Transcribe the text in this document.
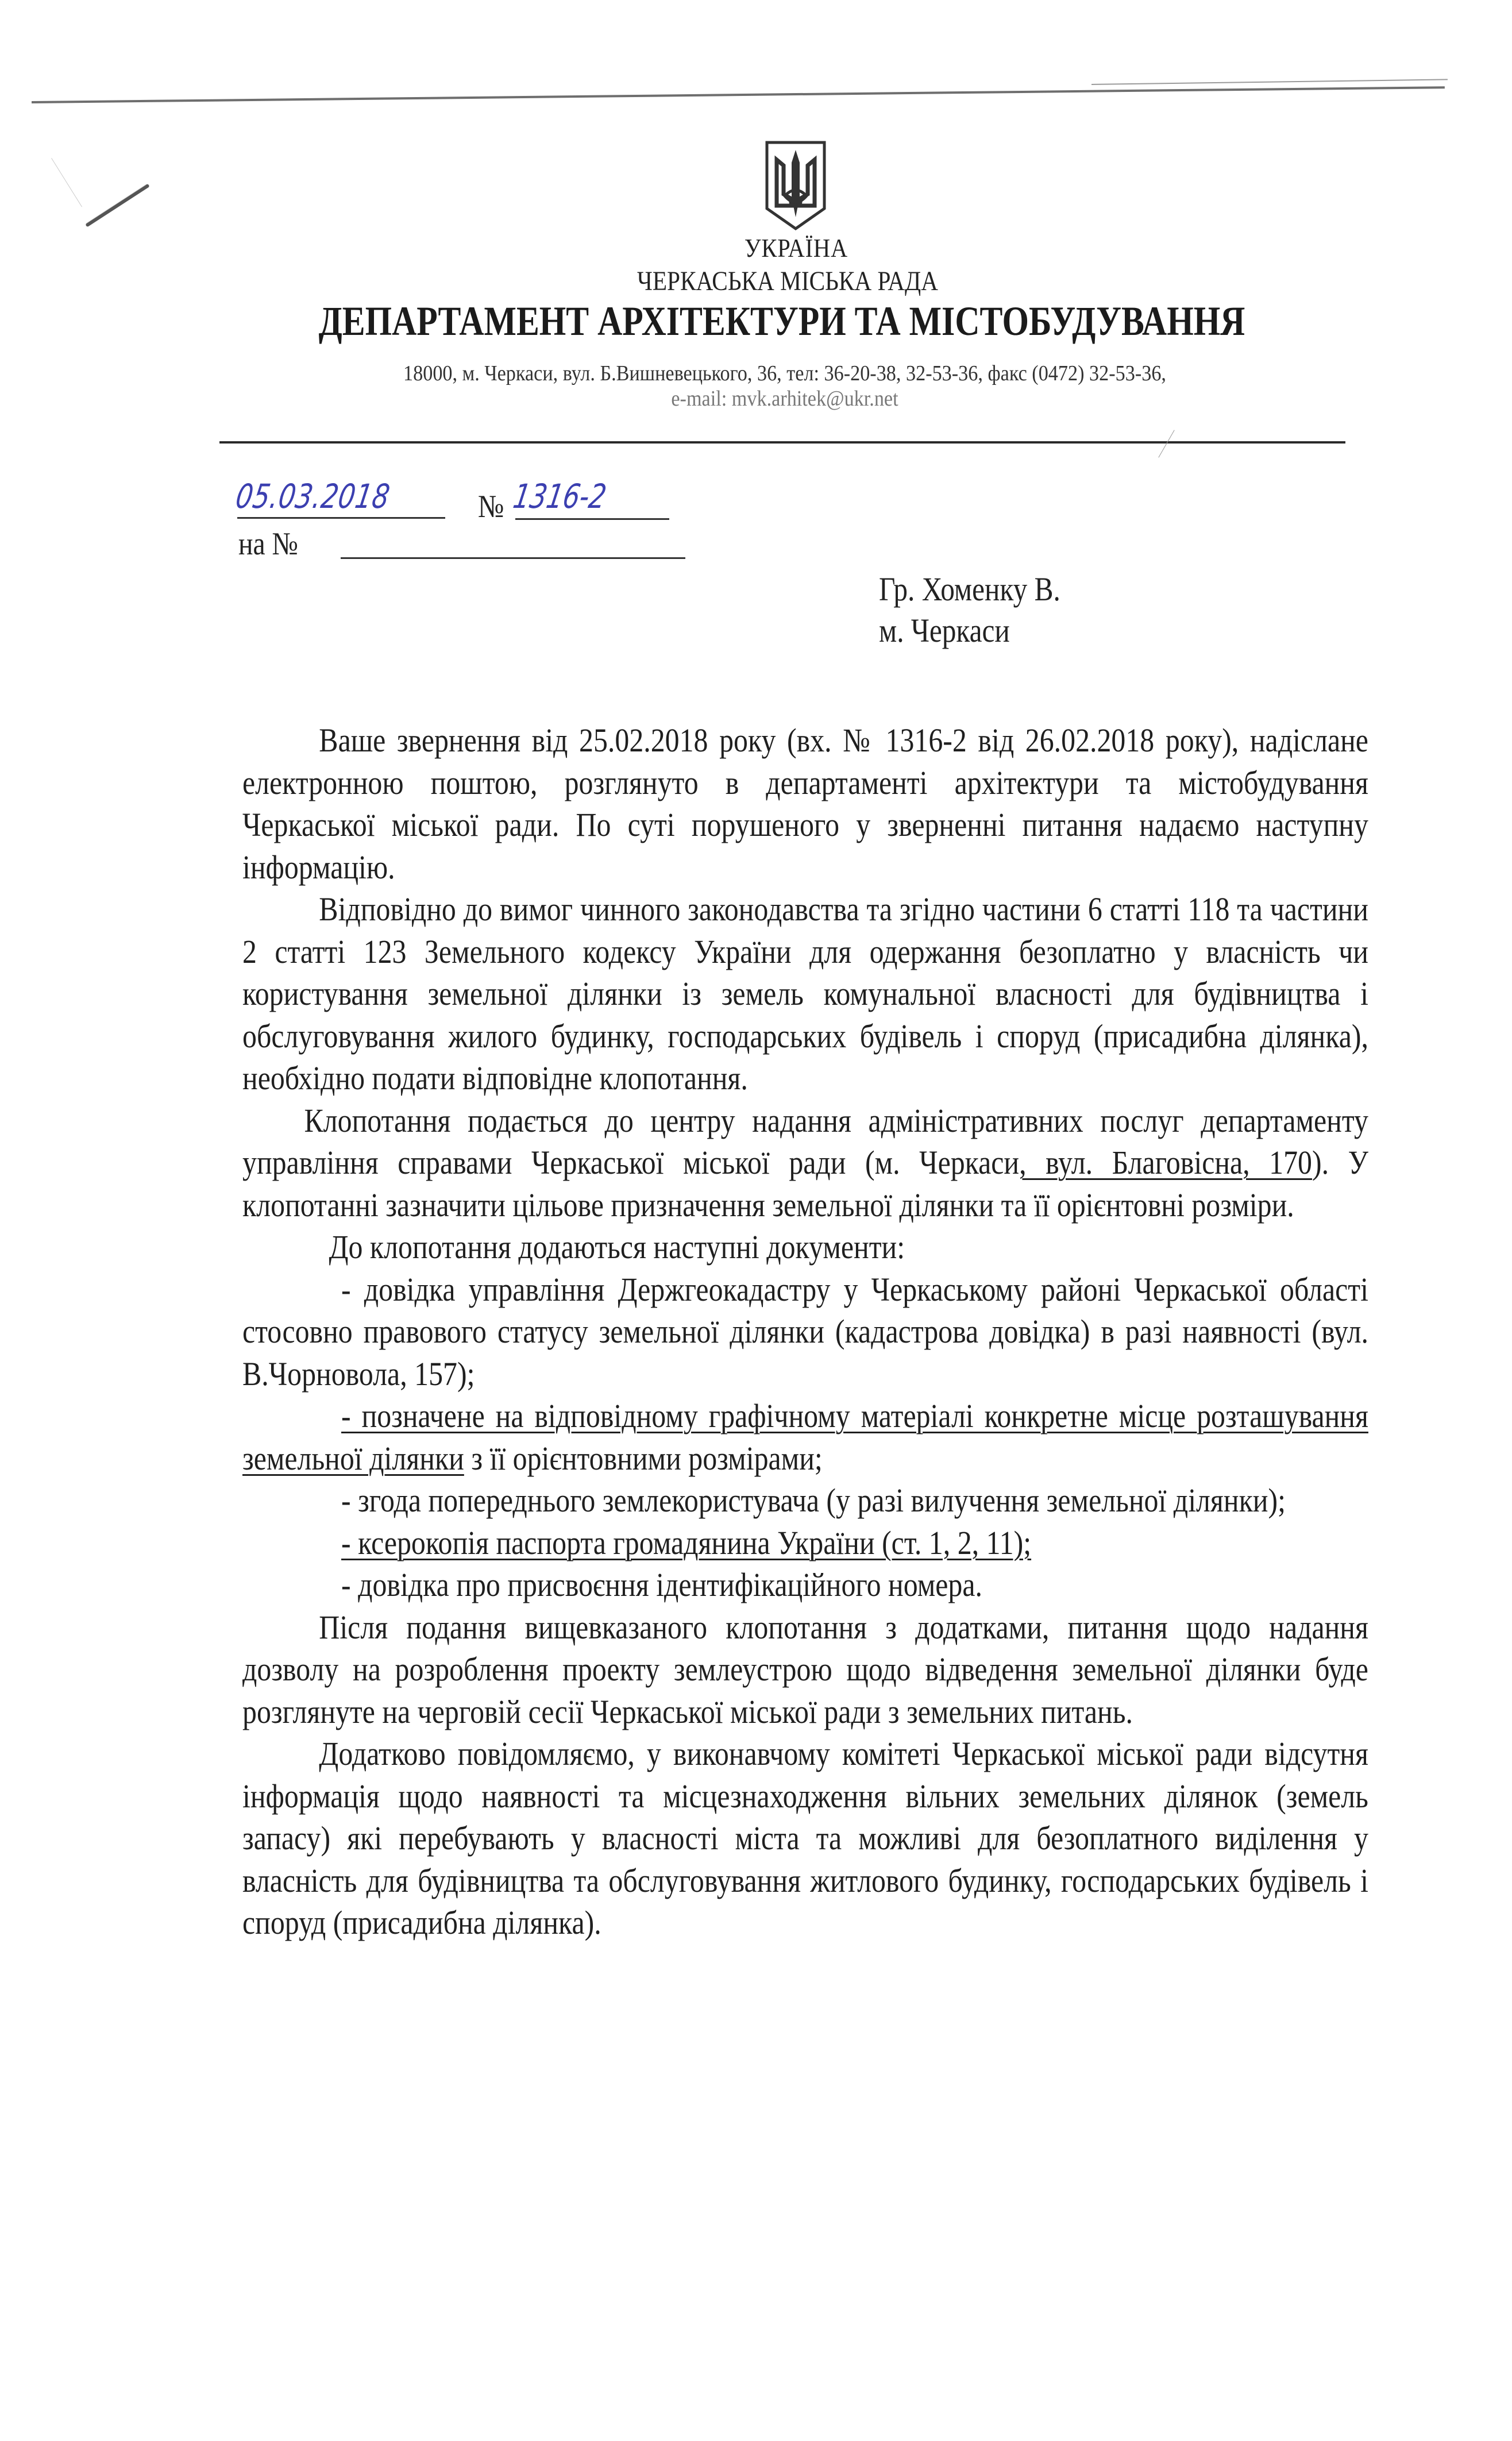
УКРАЇНА
ЧЕРКАСЬКА МІСЬКА РАДА
ДЕПАРТАМЕНТ АРХІТЕКТУРИ ТА МІСТОБУДУВАННЯ
18000, м. Черкаси, вул. Б.Вишневецького, 36, тел: 36-20-38, 32-53-36, факс (0472) 32-53-36,
e-mail: mvk.arhitek@ukr.net
05.03.2018	№ 1316-2
на №
Гр. Хоменку В.
м. Черкаси

Ваше звернення від 25.02.2018 року (вх. № 1316-2 від 26.02.2018 року), надіслане електронною поштою, розглянуто в департаменті архітектури та містобудування Черкаської міської ради. По суті порушеного у зверненні питання надаємо наступну інформацію.

Відповідно до вимог чинного законодавства та згідно частини 6 статті 118 та частини 2 статті 123 Земельного кодексу України для одержання безоплатно у власність чи користування земельної ділянки із земель комунальної власності для будівництва і обслуговування жилого будинку, господарських будівель і споруд (присадибна ділянка), необхідно подати відповідне клопотання.

Клопотання подається до центру надання адміністративних послуг департаменту управління справами Черкаської міської ради (м. Черкаси, вул. Благовісна, 170). У клопотанні зазначити цільове призначення земельної ділянки та її орієнтовні розміри.

До клопотання додаються наступні документи:

- довідка управління Держгеокадастру у Черкаському районі Черкаської області стосовно правового статусу земельної ділянки (кадастрова довідка) в разі наявності (вул. В.Чорновола, 157);

- позначене на відповідному графічному матеріалі конкретне місце розташування земельної ділянки з її орієнтовними розмірами;

- згода попереднього землекористувача (у разі вилучення земельної ділянки);

- ксерокопія паспорта громадянина України (ст. 1, 2, 11);

- довідка про присвоєння ідентифікаційного номера.

Після подання вищевказаного клопотання з додатками, питання щодо надання дозволу на розроблення проекту землеустрою щодо відведення земельної ділянки буде розглянуте на черговій сесії Черкаської міської ради з земельних питань.

Додатково повідомляємо, у виконавчому комітеті Черкаської міської ради відсутня інформація щодо наявності та місцезнаходження вільних земельних ділянок (земель запасу) які перебувають у власності міста та можливі для безоплатного виділення у власність для будівництва та обслуговування житлового будинку, господарських будівель і споруд (присадибна ділянка).
